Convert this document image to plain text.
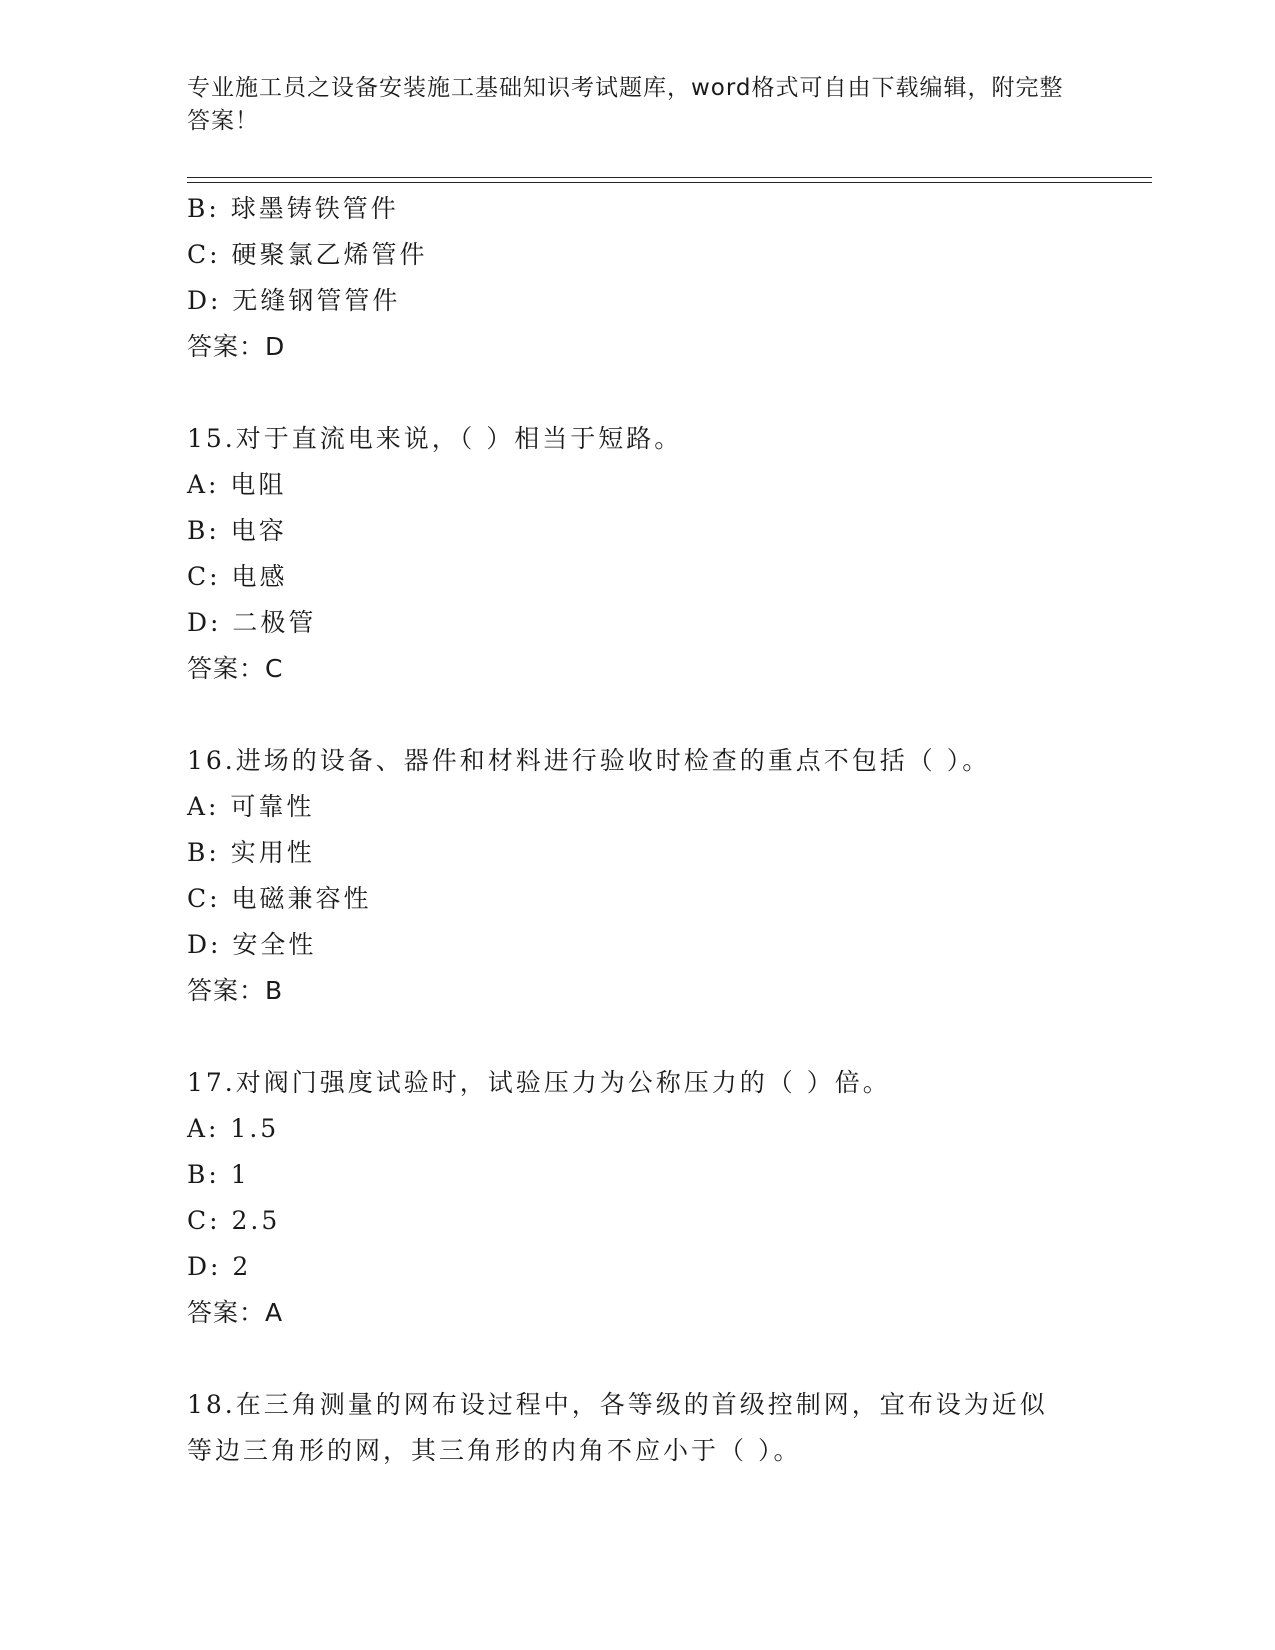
专业施工员之设备安装施工基础知识考试题库，word格式可自由下载编辑，附完整答案！
B: 球墨铸铁管件
C: 硬聚氯乙烯管件
D: 无缝钢管管件
答案：D
15.对于直流电来说，（ ）相当于短路。
A: 电阻
B: 电容
C: 电感
D: 二极管
答案：C
16.进场的设备、器件和材料进行验收时检查的重点不包括（ ）。
A: 可靠性
B: 实用性
C: 电磁兼容性
D: 安全性
答案：B
17.对阀门强度试验时，试验压力为公称压力的（ ）倍。
A: 1.5
B: 1
C: 2.5
D: 2
答案：A
18.在三角测量的网布设过程中，各等级的首级控制网，宜布设为近似等边三角形的网，其三角形的内角不应小于（ ）。
